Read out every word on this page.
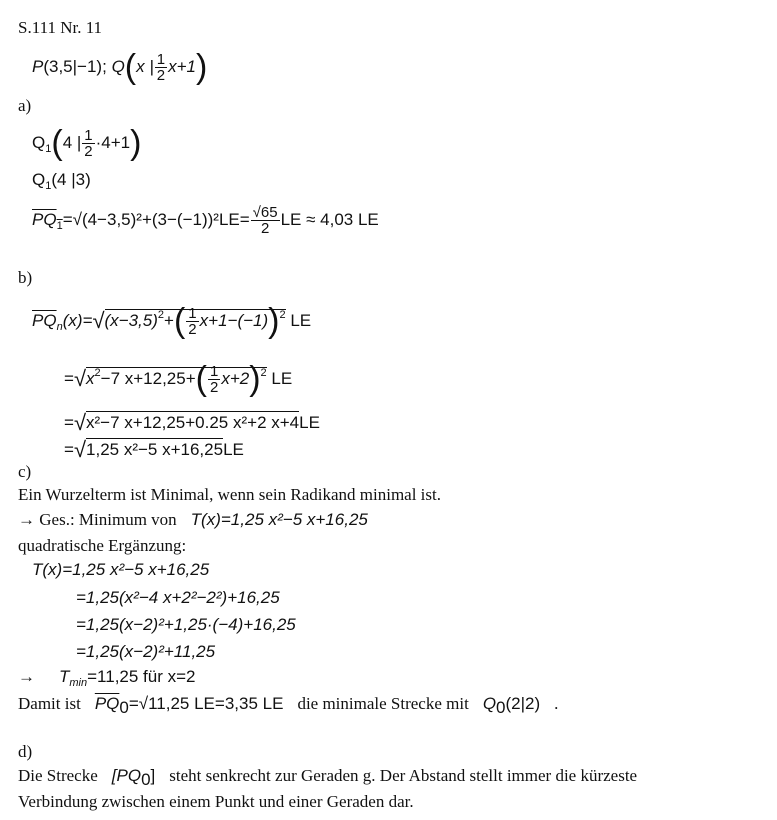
S.111 Nr. 11
P(3,5|−1); Q(x | $\frac{1}{2} x+1$)
a)
$Q_1(4$ | $\frac{1}{2} \cdot 4+1$)
$Q_1(4$ |3)
$\overline{PQ}_1=√(4-3,5)^2+(3-(-1))^2LE= \frac{√65}{2}$ LE ≈ 4,03 LE
b)
$\overline{PQ}_n(x)=√(x-3,5)^2+( \frac{1}{2} x+1-(-1))^2$ LE
$=√x^2-7$ $x+12,25+( \frac{1}{2} x+2)^2$ LE
=√x²−7 x+12,25+0.25 x²+2 x+4LE
=√1,25 x²−5 x+16,25LE
c)
Ein Wurzelterm ist Minimal, wenn sein Radikand minimal ist.
→ Ges.: Minimum von T(x)=1,25 x²−5 x+16,25
quadratische Ergänzung:
T(x)=1,25 x²−5 x+16,25
=1,25(x²−4 x+2²−2²)+16,25
=1,25(x−2)²+1,25·(−4)+16,25
=1,25(x−2)²+11,25
→ $T_{min}=11,25$ für x=2
Damit ist $\overline{PQ}_0=√11,25$ LE=3,35 LE die minimale Strecke mit $Q_0(2|2)$ .
d)
Die Strecke $[PQ_0]$ steht senkrecht zur Geraden g. Der Abstand stellt immer die kürzeste
Verbindung zwischen einem Punkt und einer Geraden dar.
